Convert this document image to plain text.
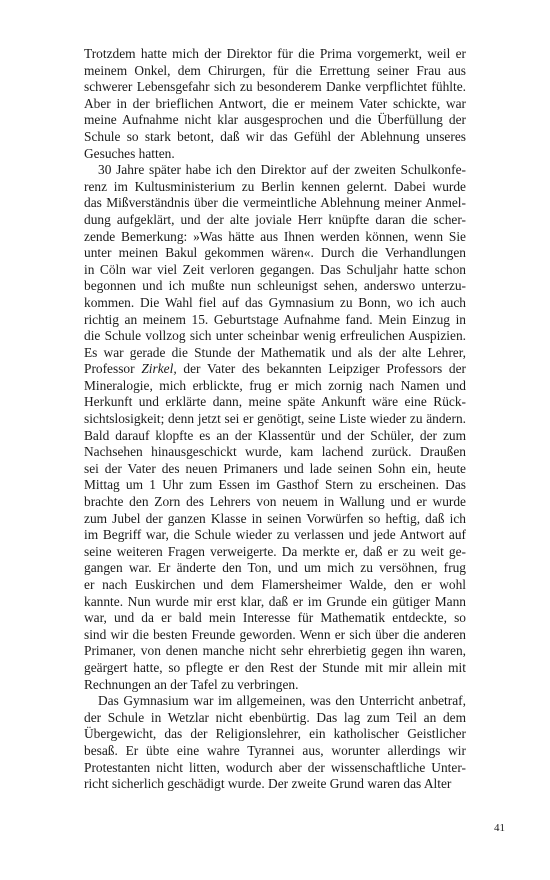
Trotzdem hatte mich der Direktor für die Prima vorgemerkt, weil er
meinem Onkel, dem Chirurgen, für die Errettung seiner Frau aus
schwerer Lebensgefahr sich zu besonderem Danke verpflichtet fühlte.
Aber in der brieflichen Antwort, die er meinem Vater schickte, war
meine Aufnahme nicht klar ausgesprochen und die Überfüllung der
Schule so stark betont, daß wir das Gefühl der Ablehnung unseres
Gesuches hatten.
30 Jahre später habe ich den Direktor auf der zweiten Schulkonfe-
renz im Kultusministerium zu Berlin kennen gelernt. Dabei wurde
das Mißverständnis über die vermeintliche Ablehnung meiner Anmel-
dung aufgeklärt, und der alte joviale Herr knüpfte daran die scher-
zende Bemerkung: »Was hätte aus Ihnen werden können, wenn Sie
unter meinen Bakul gekommen wären«. Durch die Verhandlungen
in Cöln war viel Zeit verloren gegangen. Das Schuljahr hatte schon
begonnen und ich mußte nun schleunigst sehen, anderswo unterzu-
kommen. Die Wahl fiel auf das Gymnasium zu Bonn, wo ich auch
richtig an meinem 15. Geburtstage Aufnahme fand. Mein Einzug in
die Schule vollzog sich unter scheinbar wenig erfreulichen Auspizien.
Es war gerade die Stunde der Mathematik und als der alte Lehrer,
Professor Zirkel, der Vater des bekannten Leipziger Professors der
Mineralogie, mich erblickte, frug er mich zornig nach Namen und
Herkunft und erklärte dann, meine späte Ankunft wäre eine Rück-
sichtslosigkeit; denn jetzt sei er genötigt, seine Liste wieder zu ändern.
Bald darauf klopfte es an der Klassentür und der Schüler, der zum
Nachsehen hinausgeschickt wurde, kam lachend zurück. Draußen
sei der Vater des neuen Primaners und lade seinen Sohn ein, heute
Mittag um 1 Uhr zum Essen im Gasthof Stern zu erscheinen. Das
brachte den Zorn des Lehrers von neuem in Wallung und er wurde
zum Jubel der ganzen Klasse in seinen Vorwürfen so heftig, daß ich
im Begriff war, die Schule wieder zu verlassen und jede Antwort auf
seine weiteren Fragen verweigerte. Da merkte er, daß er zu weit ge-
gangen war. Er änderte den Ton, und um mich zu versöhnen, frug
er nach Euskirchen und dem Flamersheimer Walde, den er wohl
kannte. Nun wurde mir erst klar, daß er im Grunde ein gütiger Mann
war, und da er bald mein Interesse für Mathematik entdeckte, so
sind wir die besten Freunde geworden. Wenn er sich über die anderen
Primaner, von denen manche nicht sehr ehrerbietig gegen ihn waren,
geärgert hatte, so pflegte er den Rest der Stunde mit mir allein mit
Rechnungen an der Tafel zu verbringen.
Das Gymnasium war im allgemeinen, was den Unterricht anbetraf,
der Schule in Wetzlar nicht ebenbürtig. Das lag zum Teil an dem
Übergewicht, das der Religionslehrer, ein katholischer Geistlicher
besaß. Er übte eine wahre Tyrannei aus, worunter allerdings wir
Protestanten nicht litten, wodurch aber der wissenschaftliche Unter-
richt sicherlich geschädigt wurde. Der zweite Grund waren das Alter
41
